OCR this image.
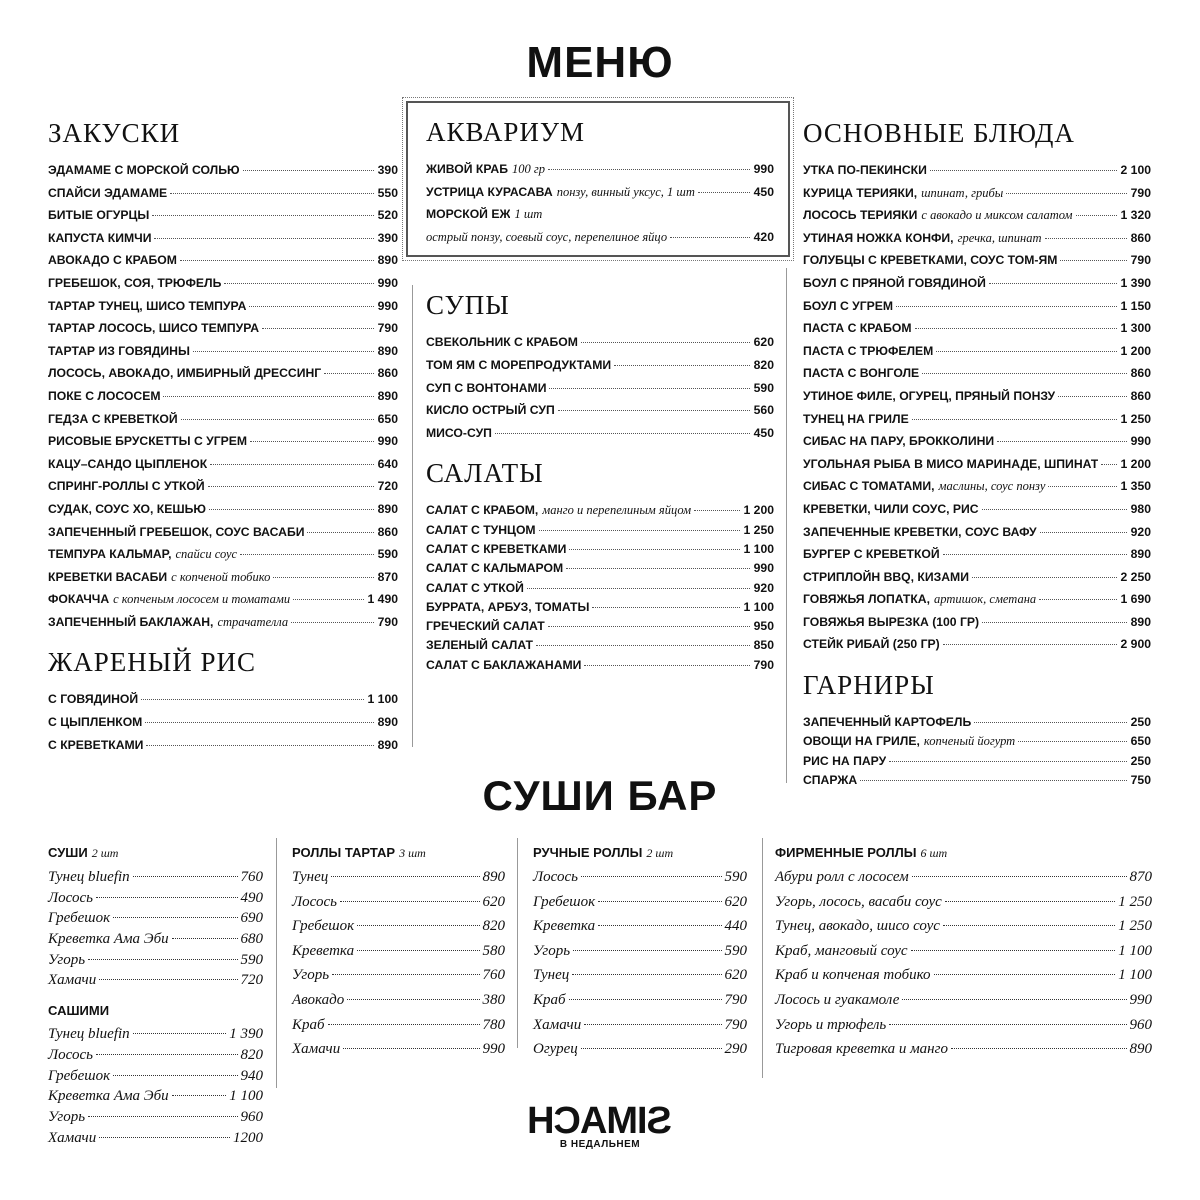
МЕНЮ
СУШИ БАР
ЗАКУСКИ
ЭДАМАМЕ С МОРСКОЙ СОЛЬЮ	390
СПАЙСИ ЭДАМАМЕ	550
БИТЫЕ ОГУРЦЫ	520
КАПУСТА КИМЧИ	390
АВОКАДО С КРАБОМ	890
ГРЕБЕШОК, СОЯ, ТРЮФЕЛЬ	990
ТАРТАР ТУНЕЦ, ШИСО ТЕМПУРА	990
ТАРТАР ЛОСОСЬ, ШИСО ТЕМПУРА	790
ТАРТАР ИЗ ГОВЯДИНЫ	890
ЛОСОСЬ, АВОКАДО, ИМБИРНЫЙ ДРЕССИНГ	860
ПОКЕ С ЛОСОСЕМ	890
ГЕДЗА С КРЕВЕТКОЙ	650
РИСОВЫЕ БРУСКЕТТЫ С УГРЕМ	990
КАЦУ–САНДО ЦЫПЛЕНОК	640
СПРИНГ-РОЛЛЫ С УТКОЙ	720
СУДАК, СОУС ХО, КЕШЬЮ	890
ЗАПЕЧЕННЫЙ ГРЕБЕШОК, СОУС ВАСАБИ	860
ТЕМПУРА КАЛЬМАР, спайси соус	590
КРЕВЕТКИ ВАСАБИ с копченой тобико	870
ФОКАЧЧА с копченым лососем и томатами	1 490
ЗАПЕЧЕННЫЙ БАКЛАЖАН, страчателла	790
ЖАРЕНЫЙ РИС
С ГОВЯДИНОЙ	1 100
С ЦЫПЛЕНКОМ	890
С КРЕВЕТКАМИ	890
АКВАРИУМ
ЖИВОЙ КРАБ 100 гр	990
УСТРИЦА КУРАСАВА понзу, винный уксус, 1 шт	450
МОРСКОЙ ЕЖ 1 шт
острый понзу, соевый соус, перепелиное яйцо	420
СУПЫ
СВЕКОЛЬНИК С КРАБОМ	620
ТОМ ЯМ С МОРЕПРОДУКТАМИ	820
СУП С ВОНТОНАМИ	590
КИСЛО ОСТРЫЙ СУП	560
МИСО-СУП	450
САЛАТЫ
САЛАТ С КРАБОМ, манго и перепелиным яйцом	1 200
САЛАТ С ТУНЦОМ	1 250
САЛАТ С КРЕВЕТКАМИ	1 100
САЛАТ С КАЛЬМАРОМ	990
САЛАТ С УТКОЙ	920
БУРРАТА, АРБУЗ, ТОМАТЫ	1 100
ГРЕЧЕСКИЙ САЛАТ	950
ЗЕЛЕНЫЙ САЛАТ	850
САЛАТ С БАКЛАЖАНАМИ	790
ОСНОВНЫЕ БЛЮДА
УТКА ПО-ПЕКИНСКИ	2 100
КУРИЦА ТЕРИЯКИ, шпинат, грибы	790
ЛОСОСЬ ТЕРИЯКИ с авокадо и миксом салатом	1 320
УТИНАЯ НОЖКА КОНФИ, гречка, шпинат	860
ГОЛУБЦЫ С КРЕВЕТКАМИ, СОУС ТОМ-ЯМ	790
БОУЛ С ПРЯНОЙ ГОВЯДИНОЙ	1 390
БОУЛ С УГРЕМ	1 150
ПАСТА С КРАБОМ	1 300
ПАСТА С ТРЮФЕЛЕМ	1 200
ПАСТА С ВОНГОЛЕ	860
УТИНОЕ ФИЛЕ, ОГУРЕЦ, ПРЯНЫЙ ПОНЗУ	860
ТУНЕЦ НА ГРИЛЕ	1 250
СИБАС НА ПАРУ, БРОККОЛИНИ	990
УГОЛЬНАЯ РЫБА В МИСО МАРИНАДЕ, ШПИНАТ 1 200
СИБАС С ТОМАТАМИ, маслины, соус понзу	1 350
КРЕВЕТКИ, ЧИЛИ СОУС, РИС	980
ЗАПЕЧЕННЫЕ КРЕВЕТКИ, СОУС ВАФУ	920
БУРГЕР С КРЕВЕТКОЙ	890
СТРИПЛОЙН BBQ, КИЗАМИ	2 250
ГОВЯЖЬЯ ЛОПАТКА, артишок, сметана	1 690
ГОВЯЖЬЯ ВЫРЕЗКА (100 ГР)	890
СТЕЙК РИБАЙ (250 ГР)	2 900
ГАРНИРЫ
ЗАПЕЧЕННЫЙ КАРТОФЕЛЬ	250
ОВОЩИ НА ГРИЛЕ, копченый йогурт	650
РИС НА ПАРУ	250
СПАРЖА	750
СУШИ 2 шт
Тунец bluefin	760
Лосось	490
Гребешок	690
Креветка Ама Эби	680
Угорь	590
Хамачи	720
САШИМИ
Тунец bluefin	1 390
Лосось	820
Гребешок	940
Креветка Ама Эби	1 100
Угорь	960
Хамачи	1200
РОЛЛЫ ТАРТАР 3 шт
Тунец	890
Лосось	620
Гребешок	820
Креветка	580
Угорь	760
Авокадо	380
Краб	780
Хамачи	990
РУЧНЫЕ РОЛЛЫ 2 шт
Лосось	590
Гребешок	620
Креветка	440
Угорь	590
Тунец	620
Краб	790
Хамачи	790
Огурец	290
ФИРМЕННЫЕ РОЛЛЫ 6 шт
Абури ролл с лососем	870
Угорь, лосось, васаби соус	1 250
Тунец, авокадо, шисо соус	1 250
Краб, манговый соус	1 100
Краб и копченая тобико	1 100
Лосось и гуакамоле	990
Угорь и трюфель	960
Тигровая креветка и манго	890
SIMACH
В НЕДАЛЬНЕМ
